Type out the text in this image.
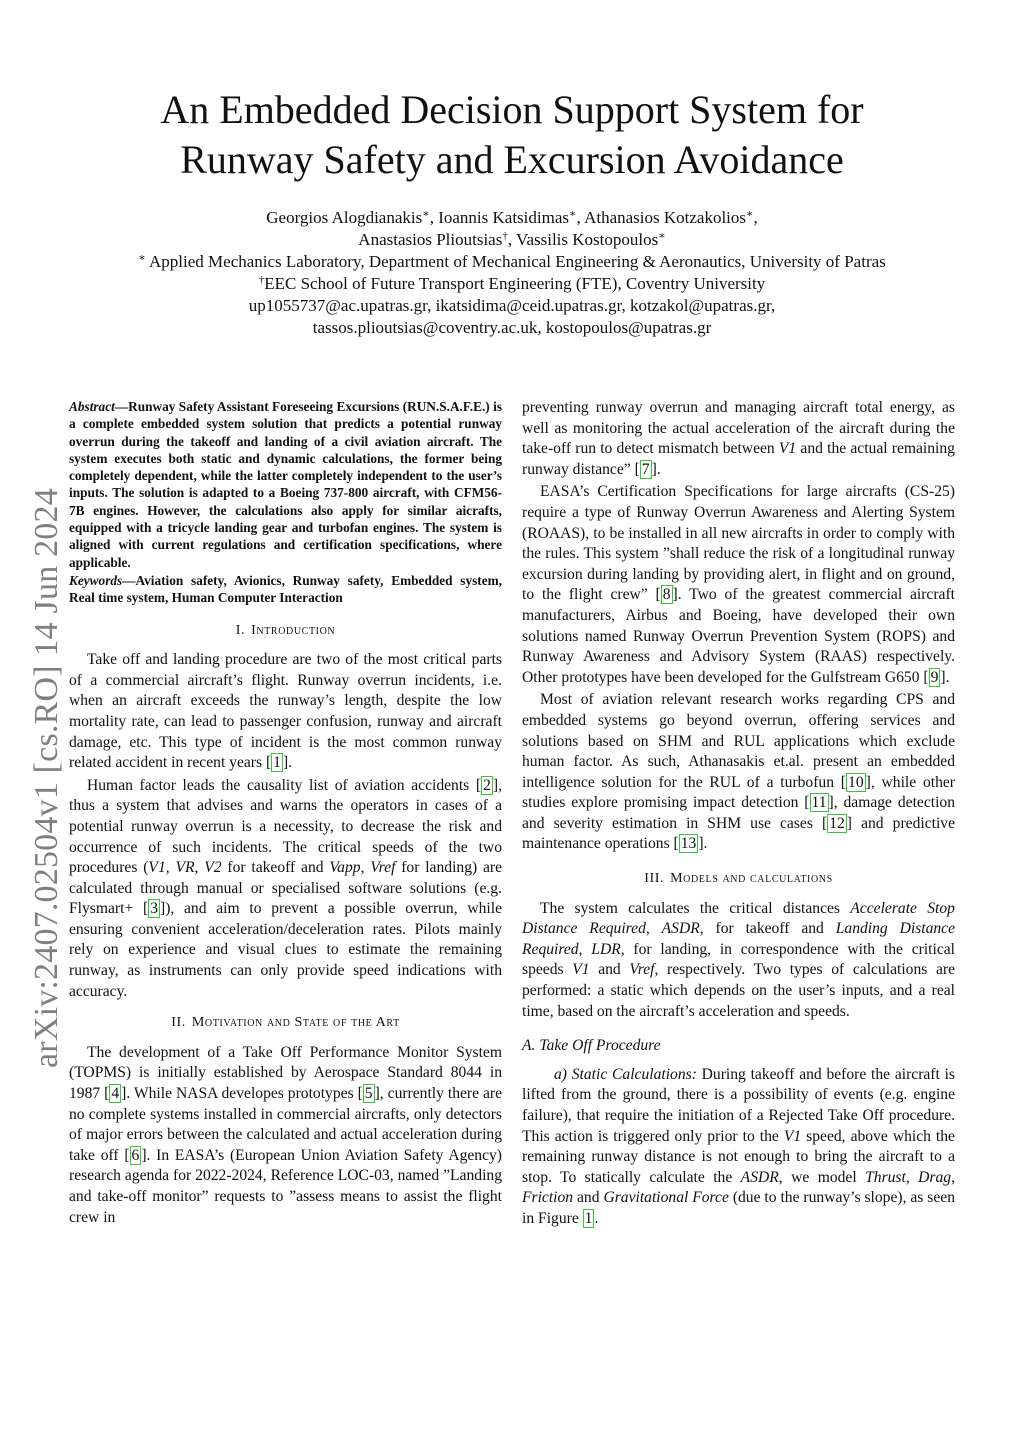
An Embedded Decision Support System for
Runway Safety and Excursion Avoidance
Georgios Alogdianakis∗, Ioannis Katsidimas∗, Athanasios Kotzakolios∗,
Anastasios Plioutsias†, Vassilis Kostopoulos∗
∗ Applied Mechanics Laboratory, Department of Mechanical Engineering & Aeronautics, University of Patras
†EEC School of Future Transport Engineering (FTE), Coventry University
up1055737@ac.upatras.gr, ikatsidima@ceid.upatras.gr, kotzakol@upatras.gr,
tassos.plioutsias@coventry.ac.uk, kostopoulos@upatras.gr
arXiv:2407.02504v1 [cs.RO] 14 Jun 2024
Abstract—Runway Safety Assistant Foreseeing Excursions (RUN.S.A.F.E.) is a complete embedded system solution that predicts a potential runway overrun during the takeoff and landing of a civil aviation aircraft. The system executes both static and dynamic calculations, the former being completely dependent, while the latter completely independent to the user’s inputs. The solution is adapted to a Boeing 737-800 aircraft, with CFM56-7B engines. However, the calculations also apply for similar aicrafts, equipped with a tricycle landing gear and turbofan engines. The system is aligned with current regulations and certification specifications, where applicable.
Keywords—Aviation safety, Avionics, Runway safety, Embedded system, Real time system, Human Computer Interaction
I. Introduction

Take off and landing procedure are two of the most critical parts of a commercial aircraft’s flight. Runway overrun incidents, i.e. when an aircraft exceeds the runway’s length, despite the low mortality rate, can lead to passenger confusion, runway and aircraft damage, etc. This type of incident is the most common runway related accident in recent years [ 1 ].

Human factor leads the causality list of aviation accidents [ 2 ], thus a system that advises and warns the operators in cases of a potential runway overrun is a necessity, to decrease the risk and occurrence of such incidents. The critical speeds of the two procedures (V1, VR, V2 for takeoff and Vapp, Vref for landing) are calculated through manual or specialised software solutions (e.g. Flysmart+ [ 3 ]), and aim to prevent a possible overrun, while ensuring convenient acceleration/deceleration rates. Pilots mainly rely on experience and visual clues to estimate the remaining runway, as instruments can only provide speed indications with accuracy.

II. Motivation and State of the Art

The development of a Take Off Performance Monitor System (TOPMS) is initially established by Aerospace Standard 8044 in 1987 [ 4 ]. While NASA developes prototypes [ 5 ], currently there are no complete systems installed in commercial aircrafts, only detectors of major errors between the calculated and actual acceleration during take off [ 6 ]. In EASA’s (European Union Aviation Safety Agency) research agenda for 2022-2024, Reference LOC-03, named ”Landing and take-off monitor” requests to ”assess means to assist the flight crew in

preventing runway overrun and managing aircraft total energy, as well as monitoring the actual acceleration of the aircraft during the take-off run to detect mismatch between V1 and the actual remaining runway distance” [ 7 ].

EASA’s Certification Specifications for large aircrafts (CS-25) require a type of Runway Overrun Awareness and Alerting System (ROAAS), to be installed in all new aircrafts in order to comply with the rules. This system ”shall reduce the risk of a longitudinal runway excursion during landing by providing alert, in flight and on ground, to the flight crew” [ 8 ]. Two of the greatest commercial aircraft manufacturers, Airbus and Boeing, have developed their own solutions named Runway Overrun Prevention System (ROPS) and Runway Awareness and Advisory System (RAAS) respectively. Other prototypes have been developed for the Gulfstream G650 [ 9 ].

Most of aviation relevant research works regarding CPS and embedded systems go beyond overrun, offering services and solutions based on SHM and RUL applications which exclude human factor. As such, Athanasakis et.al. present an embedded intelligence solution for the RUL of a turbofun [ 10 ], while other studies explore promising impact detection [ 11 ], damage detection and severity estimation in SHM use cases [ 12 ] and predictive maintenance operations [ 13 ].

III. Models and calculations

The system calculates the critical distances Accelerate Stop Distance Required, ASDR, for takeoff and Landing Distance Required, LDR, for landing, in correspondence with the critical speeds V1 and Vref, respectively. Two types of calculations are performed: a static which depends on the user’s inputs, and a real time, based on the aircraft’s acceleration and speeds.

A. Take Off Procedure

a) Static Calculations: During takeoff and before the aircraft is lifted from the ground, there is a possibility of events (e.g. engine failure), that require the initiation of a Rejected Take Off procedure. This action is triggered only prior to the V1 speed, above which the remaining runway distance is not enough to bring the aircraft to a stop. To statically calculate the ASDR, we model Thrust, Drag, Friction and Gravitational Force (due to the runway’s slope), as seen in Figure 1 .
